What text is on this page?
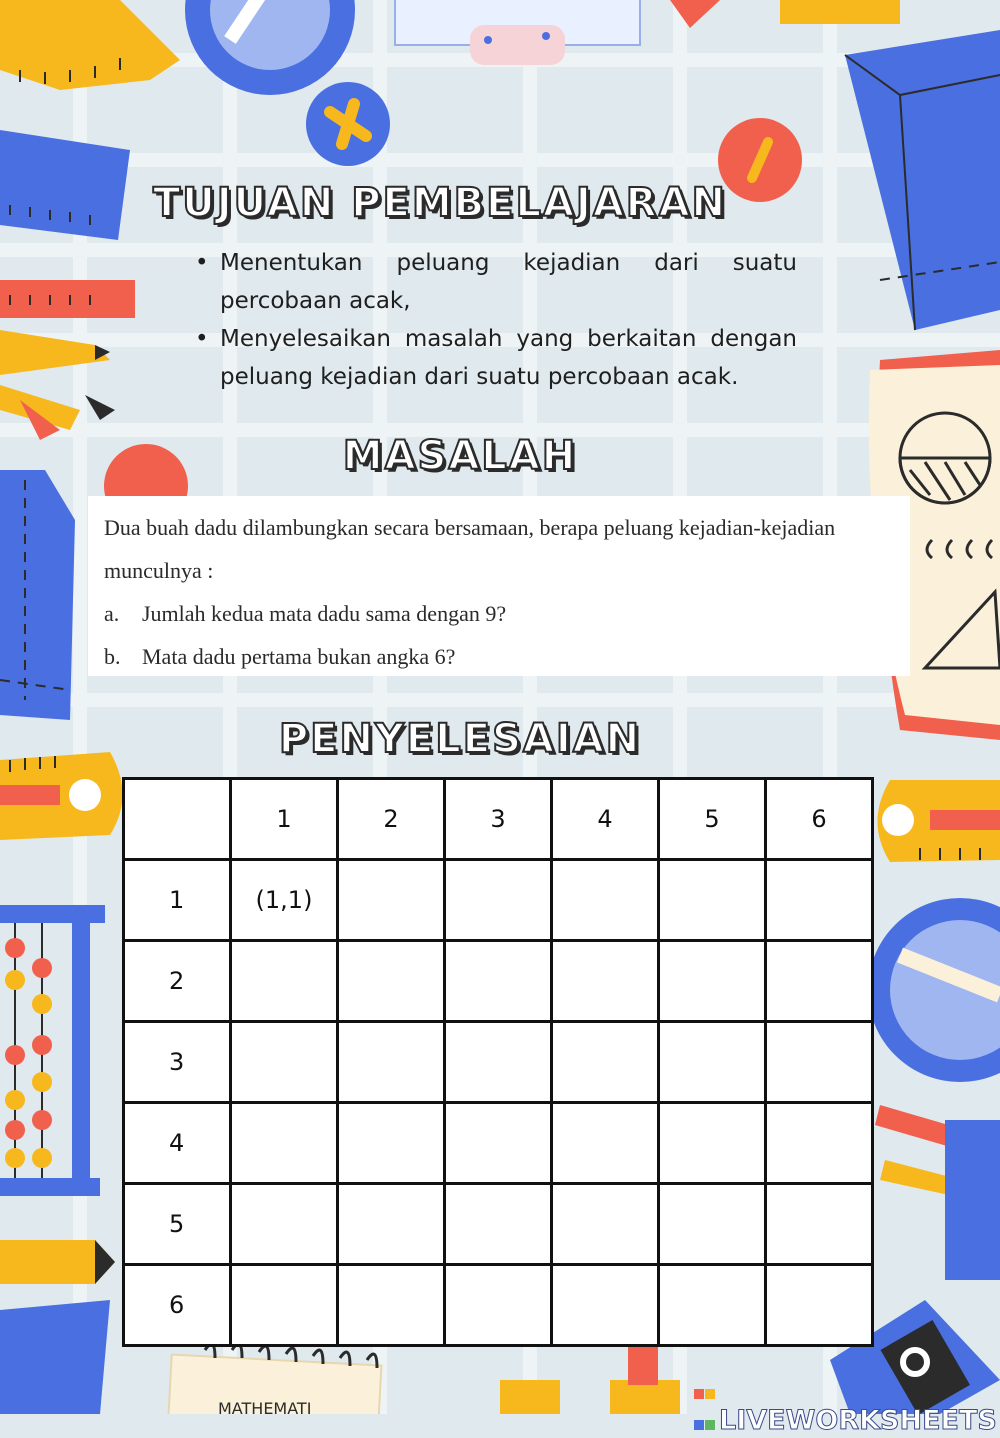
MATHEMATI
TUJUAN PEMBELAJARAN
• Menentukan peluang kejadian dari suatu percobaan acak,
• Menyelesaikan masalah yang berkaitan dengan peluang kejadian dari suatu percobaan acak.
MASALAH

Dua buah dadu dilambungkan secara bersamaan, berapa peluang kejadian-kejadian munculnya :

a. Jumlah kedua mata dadu sama dengan 9?

b. Mata dadu pertama bukan angka 6?

PENYELESAIAN
	1	2	3	4	5	6
1	(1,1)					
2						
3						
4						
5						
6						
LIVEWORKSHEETS
